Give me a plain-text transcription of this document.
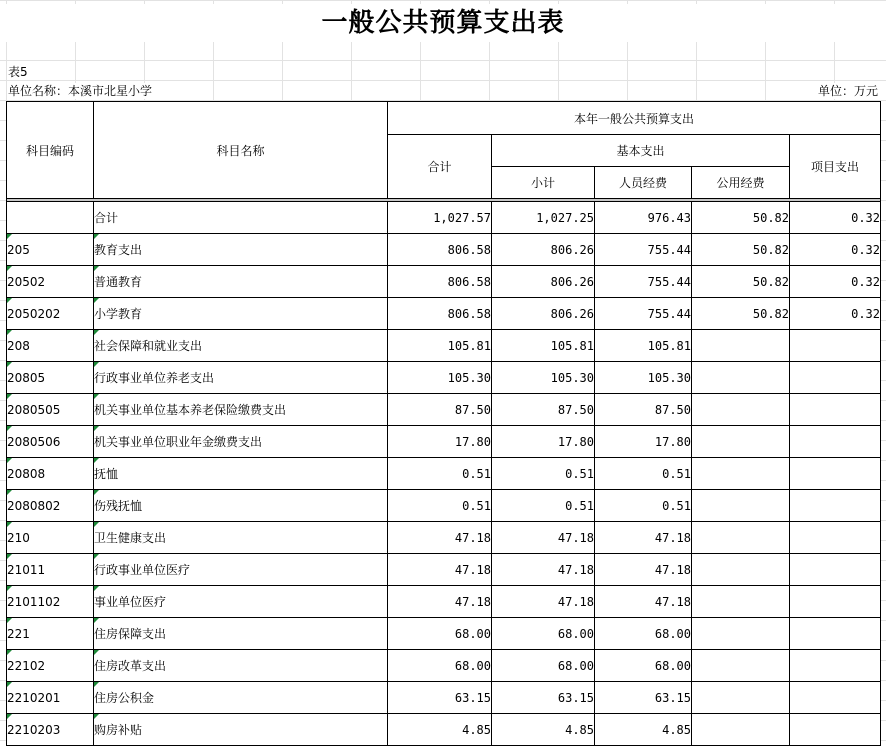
一般公共预算支出表
表5
单位名称：本溪市北星小学	单位：万元
科目编码	科目名称	本年一般公共预算支出				
		合计	基本支出			项目支出
			小计	人员经费	公用经费	

	合计	1,027.57	1,027.25	976.43	50.82	0.32

205	教育支出	806.58	806.26	755.44	50.82	0.32

20502	普通教育	806.58	806.26	755.44	50.82	0.32

2050202	小学教育	806.58	806.26	755.44	50.82	0.32

208	社会保障和就业支出	105.81	105.81	105.81		

20805	行政事业单位养老支出	105.30	105.30	105.30		

2080505	机关事业单位基本养老保险缴费支出	87.50	87.50	87.50		

2080506	机关事业单位职业年金缴费支出	17.80	17.80	17.80		

20808	抚恤	0.51	0.51	0.51		

2080802	伤残抚恤	0.51	0.51	0.51		

210	卫生健康支出	47.18	47.18	47.18		

21011	行政事业单位医疗	47.18	47.18	47.18		

2101102	事业单位医疗	47.18	47.18	47.18		

221	住房保障支出	68.00	68.00	68.00		

22102	住房改革支出	68.00	68.00	68.00		

2210201	住房公积金	63.15	63.15	63.15		

2210203	购房补贴	4.85	4.85	4.85		
